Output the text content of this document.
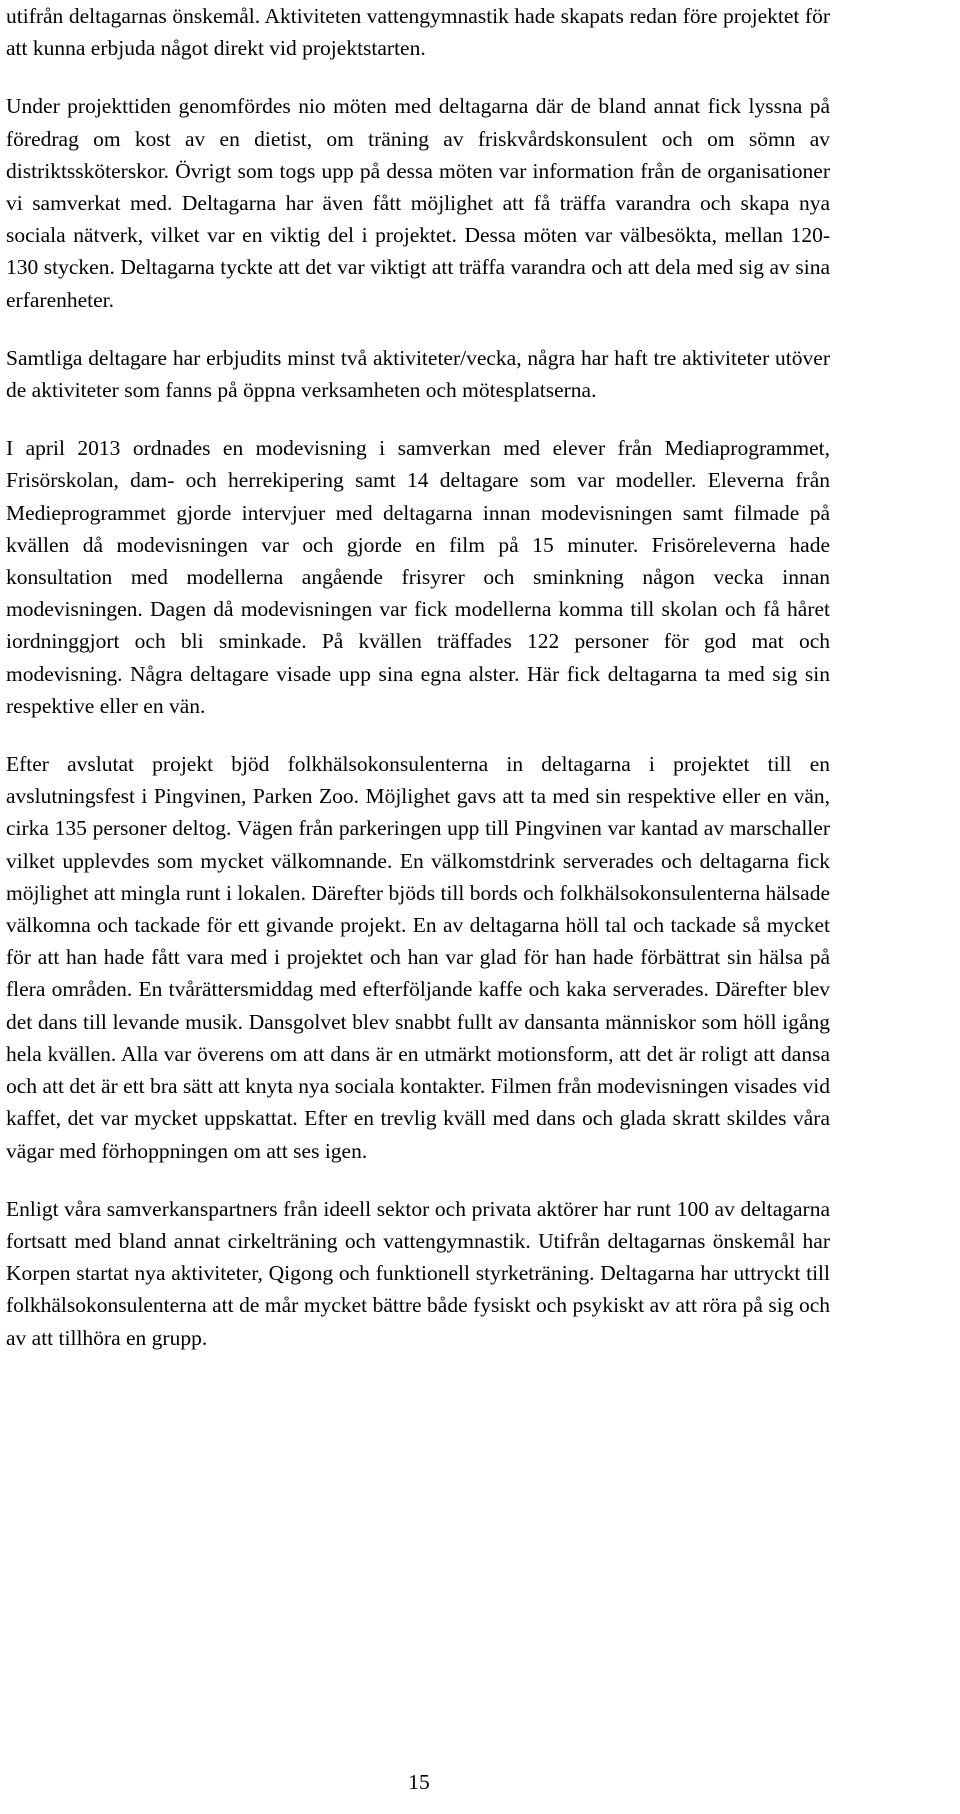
utifrån deltagarnas önskemål. Aktiviteten vattengymnastik hade skapats redan före projektet för att kunna erbjuda något direkt vid projektstarten.

Under projekttiden genomfördes nio möten med deltagarna där de bland annat fick lyssna på föredrag om kost av en dietist, om träning av friskvårdskonsulent och om sömn av distriktssköterskor. Övrigt som togs upp på dessa möten var information från de organisationer vi samverkat med. Deltagarna har även fått möjlighet att få träffa varandra och skapa nya sociala nätverk, vilket var en viktig del i projektet. Dessa möten var välbesökta, mellan 120-130 stycken. Deltagarna tyckte att det var viktigt att träffa varandra och att dela med sig av sina erfarenheter.

Samtliga deltagare har erbjudits minst två aktiviteter/vecka, några har haft tre aktiviteter utöver de aktiviteter som fanns på öppna verksamheten och mötesplatserna.

I april 2013 ordnades en modevisning i samverkan med elever från Mediaprogrammet, Frisörskolan, dam- och herrekipering samt 14 deltagare som var modeller. Eleverna från Medieprogrammet gjorde intervjuer med deltagarna innan modevisningen samt filmade på kvällen då modevisningen var och gjorde en film på 15 minuter. Frisöreleverna hade konsultation med modellerna angående frisyrer och sminkning någon vecka innan modevisningen. Dagen då modevisningen var fick modellerna komma till skolan och få håret iordninggjort och bli sminkade. På kvällen träffades 122 personer för god mat och modevisning. Några deltagare visade upp sina egna alster. Här fick deltagarna ta med sig sin respektive eller en vän.

Efter avslutat projekt bjöd folkhälsokonsulenterna in deltagarna i projektet till en avslutningsfest i Pingvinen, Parken Zoo. Möjlighet gavs att ta med sin respektive eller en vän, cirka 135 personer deltog. Vägen från parkeringen upp till Pingvinen var kantad av marschaller vilket upplevdes som mycket välkomnande. En välkomstdrink serverades och deltagarna fick möjlighet att mingla runt i lokalen. Därefter bjöds till bords och folkhälsokonsulenterna hälsade välkomna och tackade för ett givande projekt. En av deltagarna höll tal och tackade så mycket för att han hade fått vara med i projektet och han var glad för han hade förbättrat sin hälsa på flera områden. En tvårättersmiddag med efterföljande kaffe och kaka serverades. Därefter blev det dans till levande musik. Dansgolvet blev snabbt fullt av dansanta människor som höll igång hela kvällen. Alla var överens om att dans är en utmärkt motionsform, att det är roligt att dansa och att det är ett bra sätt att knyta nya sociala kontakter. Filmen från modevisningen visades vid kaffet, det var mycket uppskattat. Efter en trevlig kväll med dans och glada skratt skildes våra vägar med förhoppningen om att ses igen.

Enligt våra samverkanspartners från ideell sektor och privata aktörer har runt 100 av deltagarna fortsatt med bland annat cirkelträning och vattengymnastik. Utifrån deltagarnas önskemål har Korpen startat nya aktiviteter, Qigong och funktionell styrketräning. Deltagarna har uttryckt till folkhälsokonsulenterna att de mår mycket bättre både fysiskt och psykiskt av att röra på sig och av att tillhöra en grupp.

15
